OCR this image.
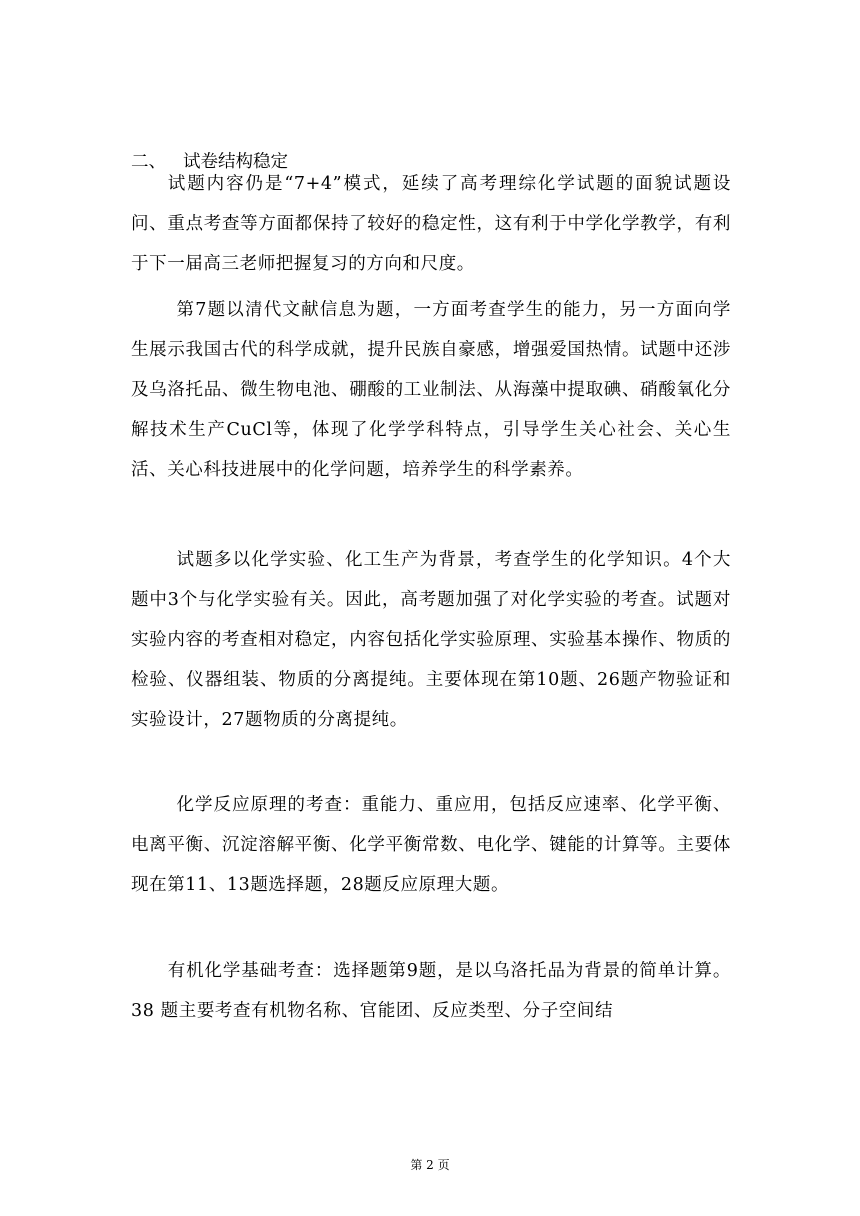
二、 试卷结构稳定

试题内容仍是“7+4”模式，延续了高考理综化学试题的面貌试题设问、重点考查等方面都保持了较好的稳定性，这有利于中学化学教学，有利于下一届高三老师把握复习的方向和尺度。

第7题以清代文献信息为题，一方面考查学生的能力，另一方面向学生展示我国古代的科学成就，提升民族自豪感，增强爱国热情。试题中还涉及乌洛托品、微生物电池、硼酸的工业制法、从海藻中提取碘、硝酸氧化分解技术生产CuCl等，体现了化学学科特点，引导学生关心社会、关心生活、关心科技进展中的化学问题，培养学生的科学素养。

试题多以化学实验、化工生产为背景，考查学生的化学知识。4个大题中3个与化学实验有关。因此，高考题加强了对化学实验的考查。试题对实验内容的考查相对稳定，内容包括化学实验原理、实验基本操作、物质的检验、仪器组装、物质的分离提纯。主要体现在第10题、26题产物验证和实验设计，27题物质的分离提纯。

化学反应原理的考查：重能力、重应用，包括反应速率、化学平衡、电离平衡、沉淀溶解平衡、化学平衡常数、电化学、键能的计算等。主要体现在第11、13题选择题，28题反应原理大题。

有机化学基础考查：选择题第9题，是以乌洛托品为背景的简单计算。38 题主要考查有机物名称、官能团、反应类型、分子空间结

第 2 页
